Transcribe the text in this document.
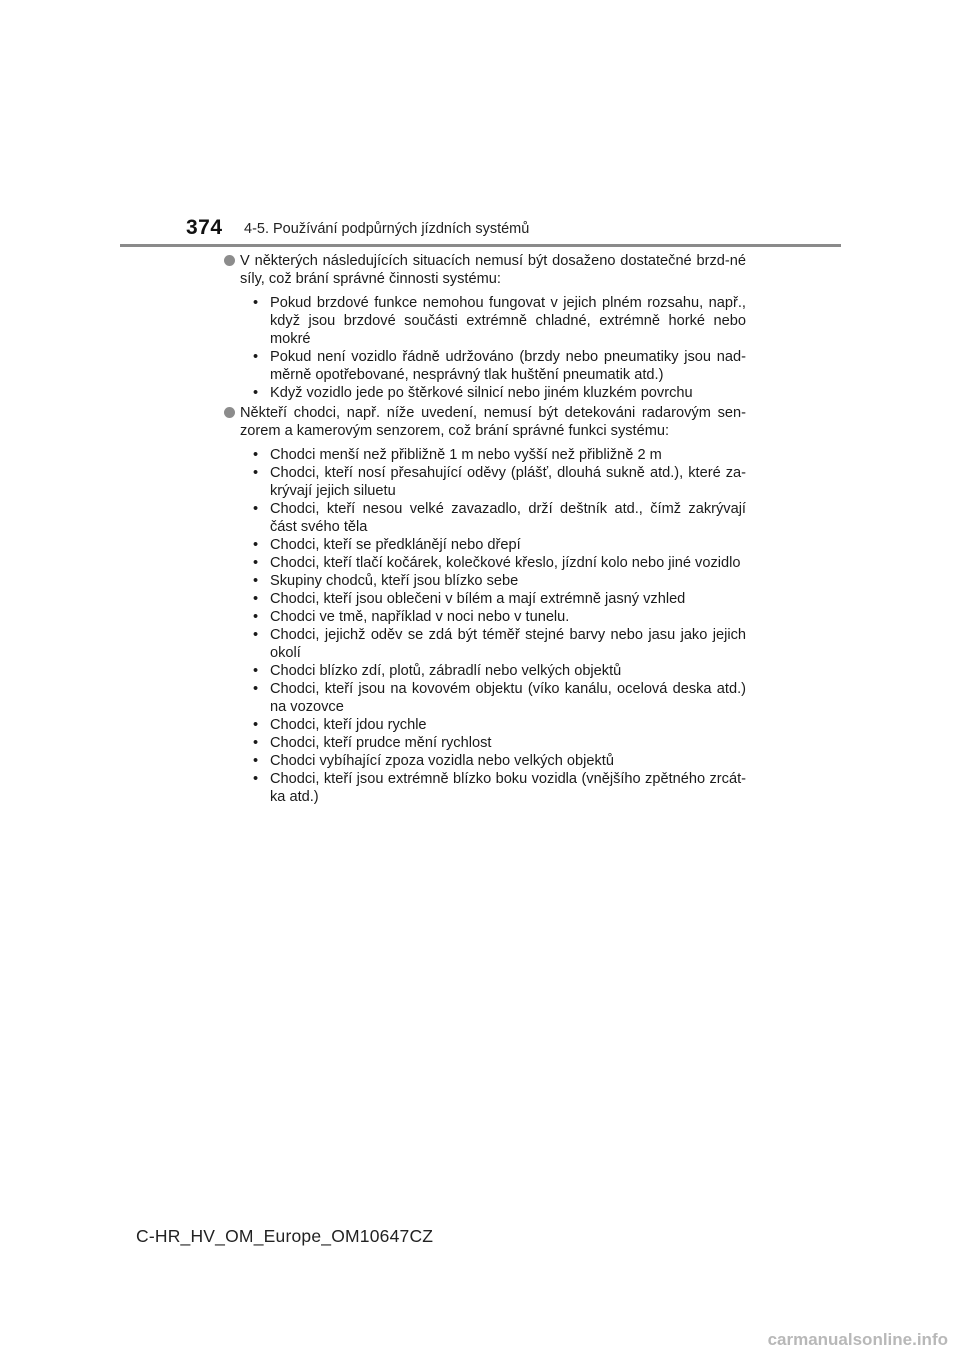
374 4-5. Používání podpůrných jízdních systémů
V některých následujících situacích nemusí být dosaženo dostatečné brzd-né síly, což brání správné činnosti systému:
• Pokud brzdové funkce nemohou fungovat v jejich plném rozsahu, např., když jsou brzdové součásti extrémně chladné, extrémně horké nebo mokré
• Pokud není vozidlo řádně udržováno (brzdy nebo pneumatiky jsou nad-měrně opotřebované, nesprávný tlak huštění pneumatik atd.)
• Když vozidlo jede po štěrkové silnicí nebo jiném kluzkém povrchu
Někteří chodci, např. níže uvedení, nemusí být detekováni radarovým sen-zorem a kamerovým senzorem, což brání správné funkci systému:
• Chodci menší než přibližně 1 m nebo vyšší než přibližně 2 m
• Chodci, kteří nosí přesahující oděvy (plášť, dlouhá sukně atd.), které za-krývají jejich siluetu
• Chodci, kteří nesou velké zavazadlo, drží deštník atd., čímž zakrývají část svého těla
• Chodci, kteří se předklánějí nebo dřepí
• Chodci, kteří tlačí kočárek, kolečkové křeslo, jízdní kolo nebo jiné vozidlo
• Skupiny chodců, kteří jsou blízko sebe
• Chodci, kteří jsou oblečeni v bílém a mají extrémně jasný vzhled
• Chodci ve tmě, například v noci nebo v tunelu.
• Chodci, jejichž oděv se zdá být téměř stejné barvy nebo jasu jako jejich okolí
• Chodci blízko zdí, plotů, zábradlí nebo velkých objektů
• Chodci, kteří jsou na kovovém objektu (víko kanálu, ocelová deska atd.) na vozovce
• Chodci, kteří jdou rychle
• Chodci, kteří prudce mění rychlost
• Chodci vybíhající zpoza vozidla nebo velkých objektů
• Chodci, kteří jsou extrémně blízko boku vozidla (vnějšího zpětného zrcát-ka atd.)
C-HR_HV_OM_Europe_OM10647CZ
carmanualsonline.info
